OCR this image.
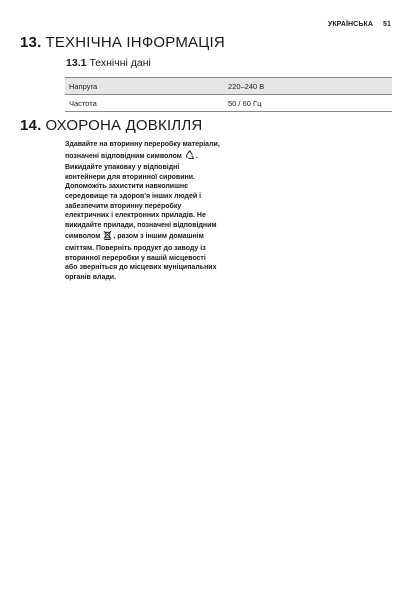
УКРАЇНСЬКА 51
13. ТЕХНІЧНА ІНФОРМАЦІЯ
13.1 Технічні дані
Напруга	220–240 В
Частота	50 / 60 Гц
14. ОХОРОНА ДОВКІЛЛЯ

Здавайте на вторинну переробку матеріали, позначені відповідним символом . Викидайте упаковку у відповідні контейнери для вторинної сировини. Допоможіть захистити навколишнє середовище та здоров'я інших людей і забезпечити вторинну переробку електричних і електронних приладів. Не викидайте прилади, позначені відповідним символом , разом з іншим домашнім сміттям. Поверніть продукт до заводу із вторинної переробки у вашій місцевості або зверніться до місцевих муніципальних органів влади.
